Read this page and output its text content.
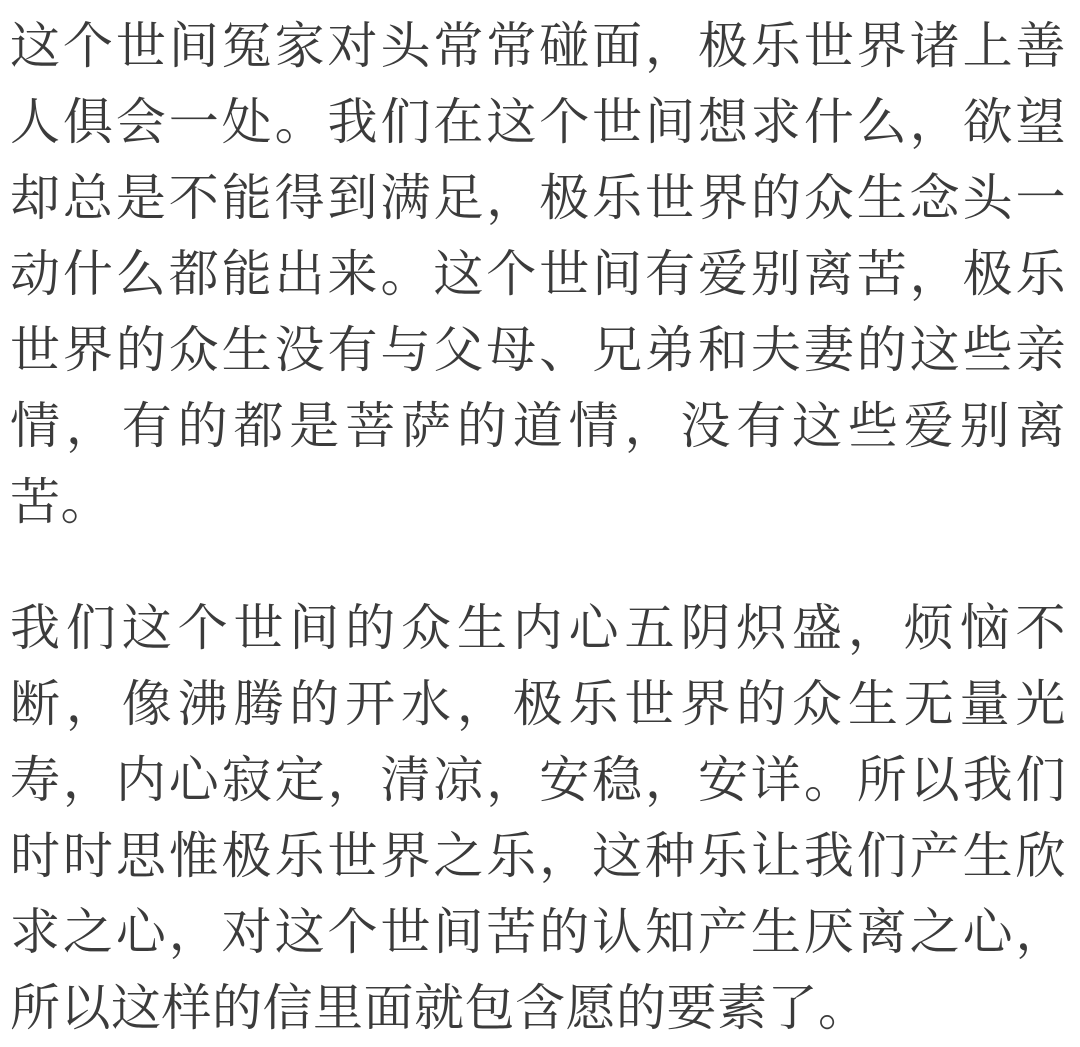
这个世间冤家对头常常碰面，极乐世界诸上善人俱会一处。我们在这个世间想求什么，欲望却总是不能得到满足，极乐世界的众生念头一动什么都能出来。这个世间有爱别离苦，极乐世界的众生没有与父母、兄弟和夫妻的这些亲情，有的都是菩萨的道情，没有这些爱别离苦。

我们这个世间的众生内心五阴炽盛，烦恼不断，像沸腾的开水，极乐世界的众生无量光寿，内心寂定，清凉，安稳，安详。所以我们时时思惟极乐世界之乐，这种乐让我们产生欣求之心，对这个世间苦的认知产生厌离之心，所以这样的信里面就包含愿的要素了。
